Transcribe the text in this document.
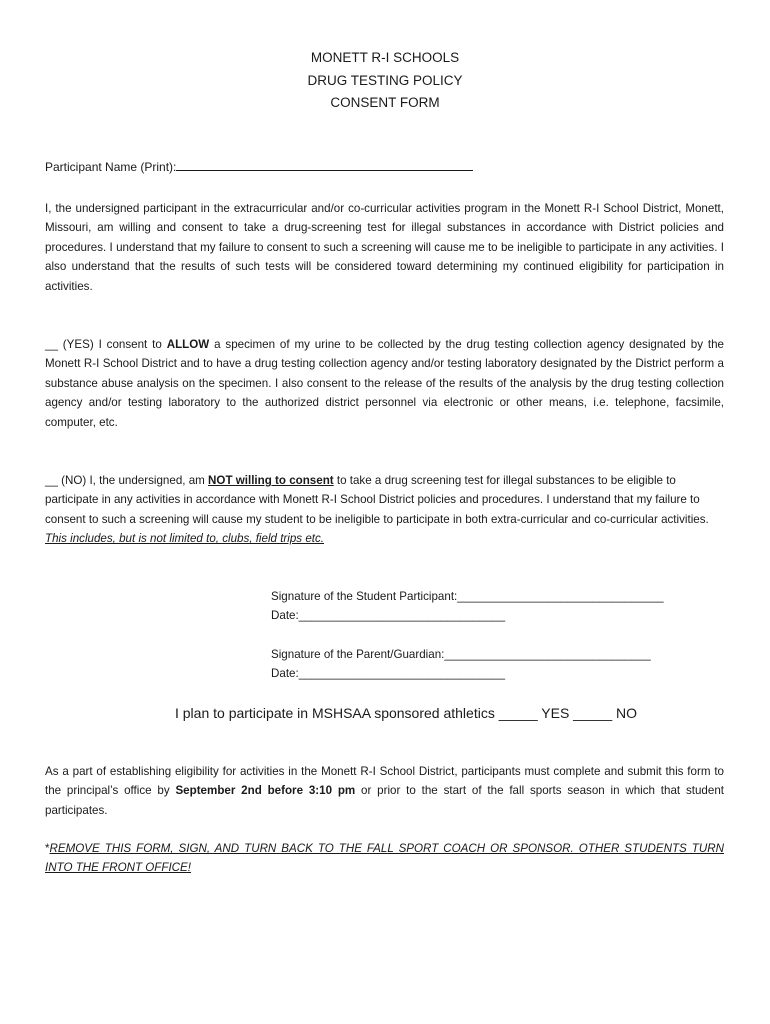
MONETT R-I SCHOOLS
DRUG TESTING POLICY
CONSENT FORM
Participant Name (Print):
I, the undersigned participant in the extracurricular and/or co-curricular activities program in the Monett R-I School District, Monett, Missouri, am willing and consent to take a drug-screening test for illegal substances in accordance with District policies and procedures. I understand that my failure to consent to such a screening will cause me to be ineligible to participate in any activities. I also understand that the results of such tests will be considered toward determining my continued eligibility for participation in activities.
__ (YES) I consent to ALLOW a specimen of my urine to be collected by the drug testing collection agency designated by the Monett R-I School District and to have a drug testing collection agency and/or testing laboratory designated by the District perform a substance abuse analysis on the specimen. I also consent to the release of the results of the analysis by the drug testing collection agency and/or testing laboratory to the authorized district personnel via electronic or other means, i.e. telephone, facsimile, computer, etc.
__ (NO) I, the undersigned, am NOT willing to consent to take a drug screening test for illegal substances to be eligible to participate in any activities in accordance with Monett R-I School District policies and procedures. I understand that my failure to consent to such a screening will cause my student to be ineligible to participate in both extra-curricular and co-curricular activities. This includes, but is not limited to, clubs, field trips etc.
Signature of the Student Participant:________________________________
Date:________________________________
Signature of the Parent/Guardian:________________________________
Date:________________________________
I plan to participate in MSHSAA sponsored athletics _____ YES _____ NO
As a part of establishing eligibility for activities in the Monett R-I School District, participants must complete and submit this form to the principal’s office by September 2nd before 3:10 pm or prior to the start of the fall sports season in which that student participates.
*REMOVE THIS FORM, SIGN, AND TURN BACK TO THE FALL SPORT COACH OR SPONSOR. OTHER STUDENTS TURN INTO THE FRONT OFFICE!
